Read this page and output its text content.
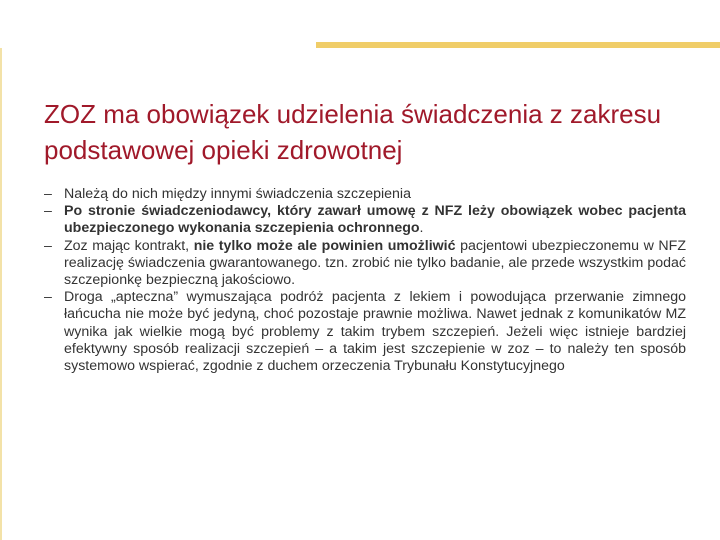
ZOZ ma obowiązek udzielenia świadczenia z zakresu podstawowej opieki zdrowotnej
– Należą do nich między innymi świadczenia szczepienia
– Po stronie świadczeniodawcy, który zawarł umowę z NFZ leży obowiązek wobec pacjenta ubezpieczonego wykonania szczepienia ochronnego.
– Zoz mając kontrakt, nie tylko może ale powinien umożliwić pacjentowi ubezpieczonemu w NFZ realizację świadczenia gwarantowanego. tzn. zrobić nie tylko badanie, ale przede wszystkim podać szczepionkę bezpieczną jakościowo.
– Droga „apteczna” wymuszająca podróż pacjenta z lekiem i powodująca przerwanie zimnego łańcucha nie może być jedyną, choć pozostaje prawnie możliwa. Nawet jednak z komunikatów MZ wynika jak wielkie mogą być problemy z takim trybem szczepień. Jeżeli więc istnieje bardziej efektywny sposób realizacji szczepień – a takim jest szczepienie w zoz – to należy ten sposób systemowo wspierać, zgodnie z duchem orzeczenia Trybunału Konstytucyjnego
